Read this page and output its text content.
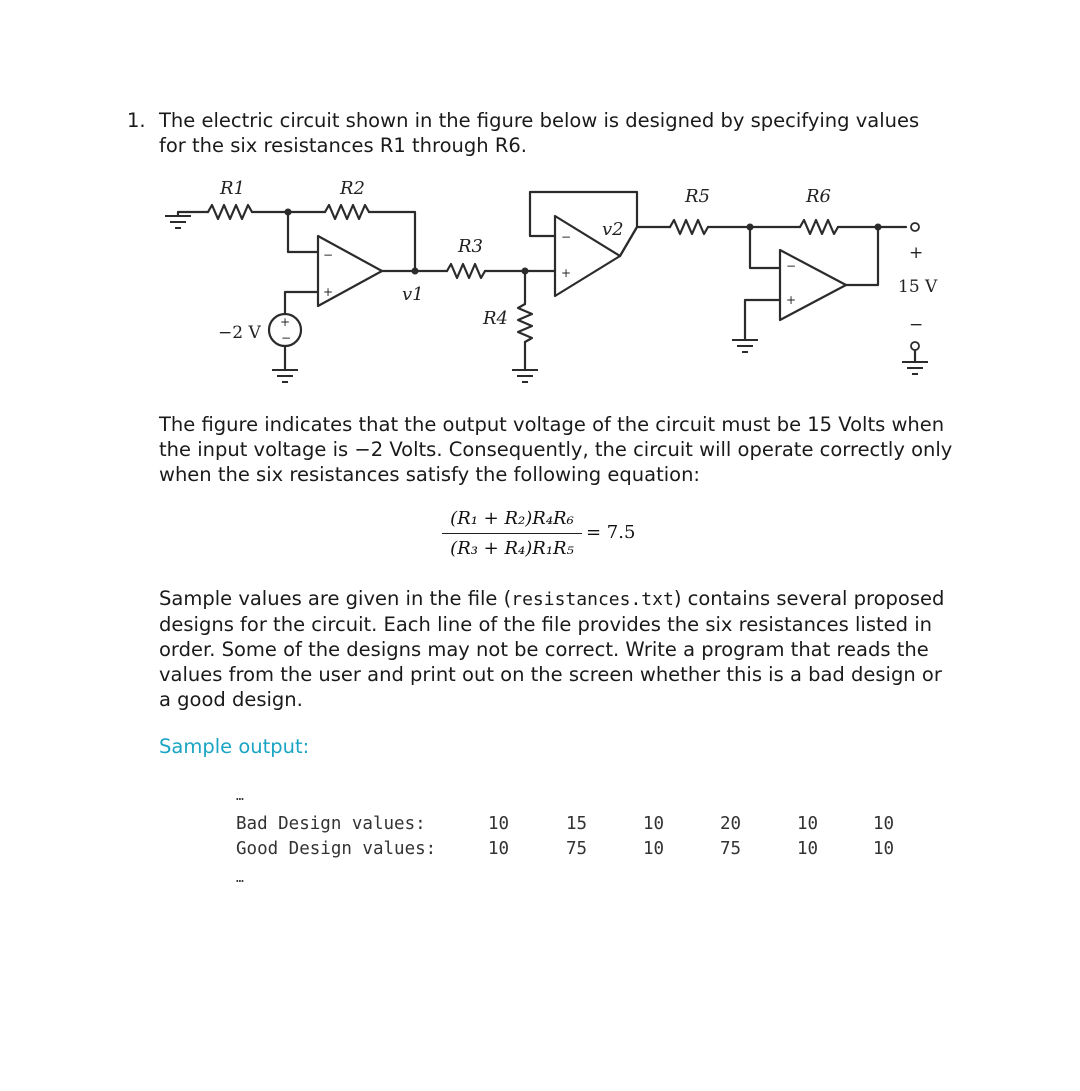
1. The electric circuit shown in the figure below is designed by specifying values for the six resistances R1 through R6.
−
+
−
+	−
+
+
−
R1	R2
R3
R4
R5	R6
v1
v2
−2 V
15 V
+
−
The figure indicates that the output voltage of the circuit must be 15 Volts when the input voltage is −2 Volts. Consequently, the circuit will operate correctly only when the six resistances satisfy the following equation:
(R₁ + R₂)R₄R₆
(R₃ + R₄)R₁R₅
= 7.5
Sample values are given in the file (resistances.txt) contains several proposed designs for the circuit. Each line of the file provides the six resistances listed in order. Some of the designs may not be correct. Write a program that reads the values from the user and print out on the screen whether this is a bad design or a good design.
Sample output:
…
Bad Design values:	10	15	10	20	10	10
Good Design values:	10	75	10	75	10	10
…
